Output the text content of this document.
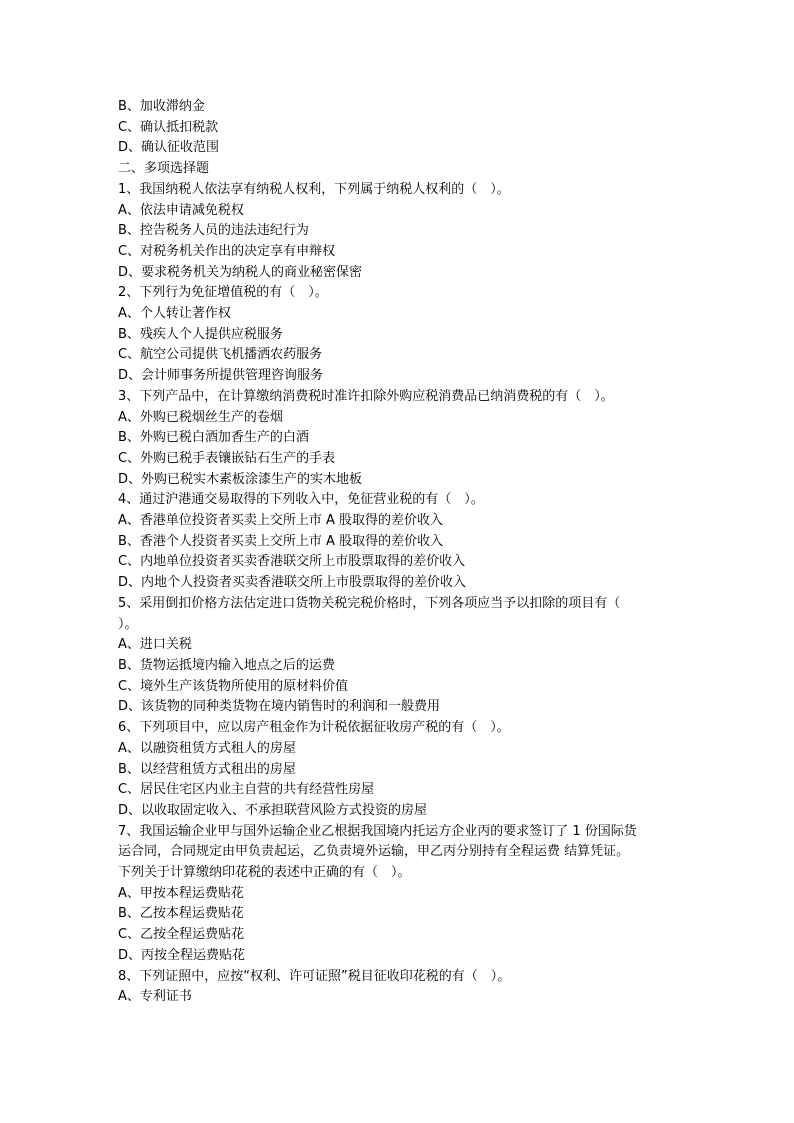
B、加收滞纳金
C、确认抵扣税款
D、确认征收范围
二、多项选择题
1、我国纳税人依法享有纳税人权利，下列属于纳税人权利的（　）。
A、依法申请减免税权
B、控告税务人员的违法违纪行为
C、对税务机关作出的决定享有申辩权
D、要求税务机关为纳税人的商业秘密保密
2、下列行为免征增值税的有（　）。
A、个人转让著作权
B、残疾人个人提供应税服务
C、航空公司提供飞机播洒农药服务
D、会计师事务所提供管理咨询服务
3、下列产品中，在计算缴纳消费税时准许扣除外购应税消费品已纳消费税的有（　）。
A、外购已税烟丝生产的卷烟
B、外购已税白酒加香生产的白酒
C、外购已税手表镶嵌钻石生产的手表
D、外购已税实木素板涂漆生产的实木地板
4、通过沪港通交易取得的下列收入中，免征营业税的有（　）。
A、香港单位投资者买卖上交所上市 A 股取得的差价收入
B、香港个人投资者买卖上交所上市 A 股取得的差价收入
C、内地单位投资者买卖香港联交所上市股票取得的差价收入
D、内地个人投资者买卖香港联交所上市股票取得的差价收入
5、采用倒扣价格方法估定进口货物关税完税价格时，下列各项应当予以扣除的项目有（
）。
A、进口关税
B、货物运抵境内输入地点之后的运费
C、境外生产该货物所使用的原材料价值
D、该货物的同种类货物在境内销售时的利润和一般费用
6、下列项目中，应以房产租金作为计税依据征收房产税的有（　）。
A、以融资租赁方式租人的房屋
B、以经营租赁方式租出的房屋
C、居民住宅区内业主自营的共有经营性房屋
D、以收取固定收入、不承担联营风险方式投资的房屋
7、我国运输企业甲与国外运输企业乙根据我国境内托运方企业丙的要求签订了 1 份国际货
运合同，合同规定由甲负责起运，乙负责境外运输，甲乙丙分别持有全程运费 结算凭证。
下列关于计算缴纳印花税的表述中正确的有（　）。
A、甲按本程运费贴花
B、乙按本程运费贴花
C、乙按全程运费贴花
D、丙按全程运费贴花
8、下列证照中，应按“权利、许可证照”税目征收印花税的有（　）。
A、专利证书
